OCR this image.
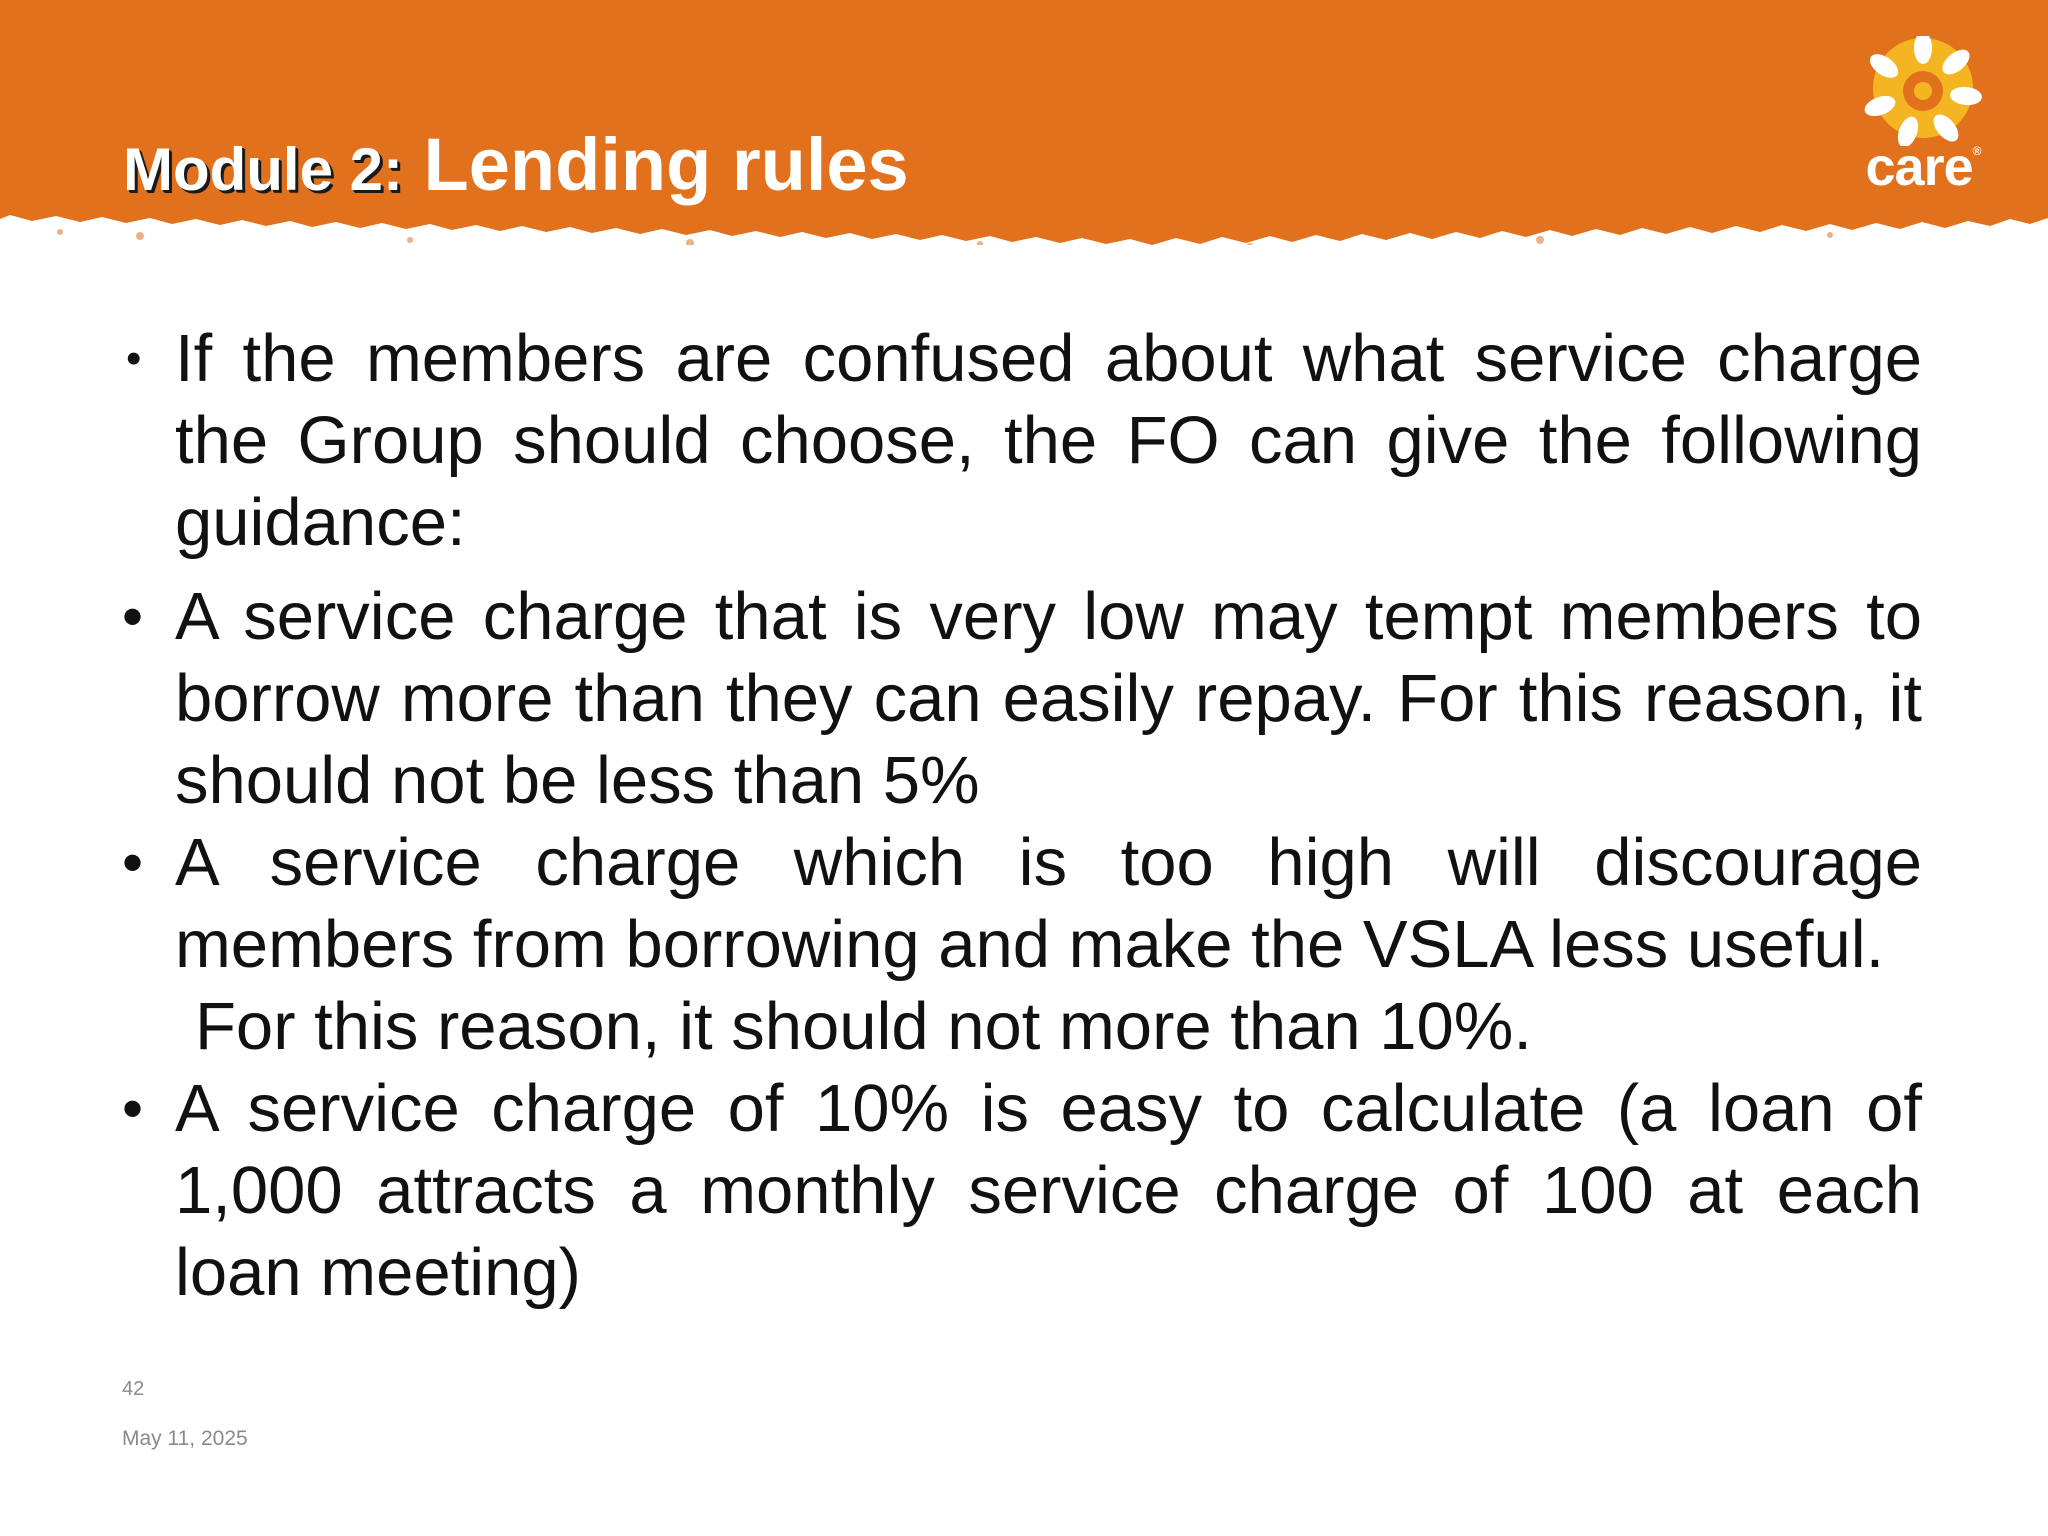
Module 2: Lending rules	care®
• If the members are confused about what service charge the Group should choose, the FO can give the following guidance:
• A service charge that is very low may tempt members to borrow more than they can easily repay. For this reason, it should not be less than 5%
• A service charge which is too high will discourage members from borrowing and make the VSLA less useful.
For this reason, it should not more than 10%.
• A service charge of 10% is easy to calculate (a loan of 1,000 attracts a monthly service charge of 100 at each loan meeting)
42
May 11, 2025
